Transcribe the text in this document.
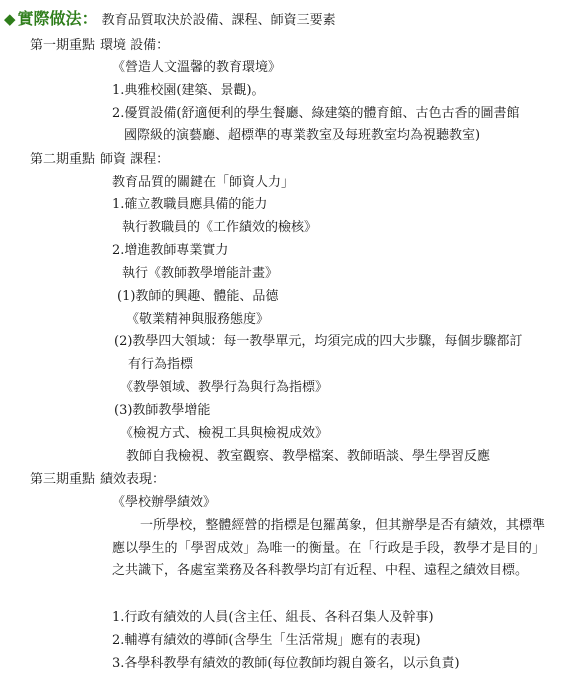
◆ 實際做法： 教育品質取決於設備、課程、師資三要素
第一期重點 環境 設備：
《營造人文溫馨的教育環境》
1.典雅校園(建築、景觀)。
2.優質設備(舒適便利的學生餐廳、綠建築的體育館、古色古香的圖書館
國際級的演藝廳、超標準的專業教室及每班教室均為視聽教室)
第二期重點 師資 課程：
教育品質的關鍵在「師資人力」
1.確立教職員應具備的能力
執行教職員的《工作績效的檢核》
2.增進教師專業實力
執行《教師教學增能計畫》
(1)教師的興趣、體能、品德
《敬業精神與服務態度》
(2)教學四大領域：每一教學單元，均須完成的四大步驟，每個步驟都訂
有行為指標
《教學領域、教學行為與行為指標》
(3)教師教學增能
《檢視方式、檢視工具與檢視成效》
教師自我檢視、教室觀察、教學檔案、教師晤談、學生學習反應
第三期重點 績效表現：
《學校辦學績效》
一所學校，整體經營的指標是包羅萬象，但其辦學是否有績效，其標準應以學生的「學習成效」為唯一的衡量。在「行政是手段，教學才是目的」之共識下，各處室業務及各科教學均訂有近程、中程、遠程之績效目標。
1.行政有績效的人員(含主任、組長、各科召集人及幹事)
2.輔導有績效的導師(含學生「生活常規」應有的表現)
3.各學科教學有績效的教師(每位教師均親自簽名，以示負責)
